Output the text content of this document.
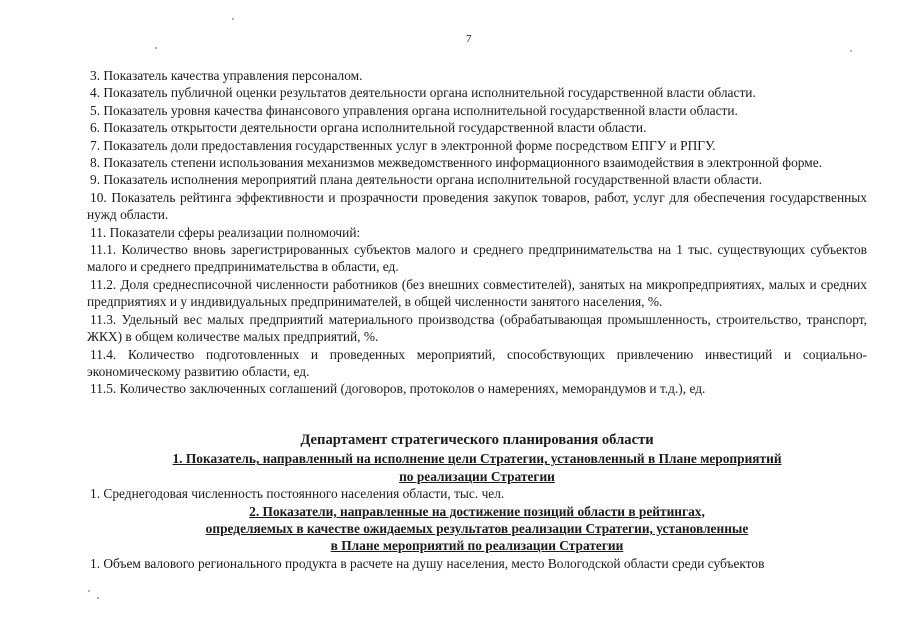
7

3. Показатель качества управления персоналом.

4. Показатель публичной оценки результатов деятельности органа исполнительной государственной власти области.

5. Показатель уровня качества финансового управления органа исполнительной государственной власти области.

6. Показатель открытости деятельности органа исполнительной государственной власти области.

7. Показатель доли предоставления государственных услуг в электронной форме посредством ЕПГУ и РПГУ.

8. Показатель степени использования механизмов межведомственного информационного взаимодействия в электронной форме.

9. Показатель исполнения мероприятий плана деятельности органа исполнительной государственной власти области.

10. Показатель рейтинга эффективности и прозрачности проведения закупок товаров, работ, услуг для обеспечения государственных нужд области.

11. Показатели сферы реализации полномочий:

11.1. Количество вновь зарегистрированных субъектов малого и среднего предпринимательства на 1 тыс. существующих субъектов малого и среднего предпринимательства в области, ед.

11.2. Доля среднесписочной численности работников (без внешних совместителей), занятых на микропредприятиях, малых и средних предприятиях и у индивидуальных предпринимателей, в общей численности занятого населения, %.

11.3. Удельный вес малых предприятий материального производства (обрабатывающая промышленность, строительство, транспорт, ЖКХ) в общем количестве малых предприятий, %.

11.4. Количество подготовленных и проведенных мероприятий, способствующих привлечению инвестиций и социально-экономическому развитию области, ед.

11.5. Количество заключенных соглашений (договоров, протоколов о намерениях, меморандумов и т.д.), ед.

Департамент стратегического планирования области

1. Показатель, направленный на исполнение цели Стратегии, установленный в Плане мероприятий

по реализации Стратегии

1. Среднегодовая численность постоянного населения области, тыс. чел.

2. Показатели, направленные на достижение позиций области в рейтингах,

определяемых в качестве ожидаемых результатов реализации Стратегии, установленные

в Плане мероприятий по реализации Стратегии

1. Объем валового регионального продукта в расчете на душу населения, место Вологодской области среди субъектов
